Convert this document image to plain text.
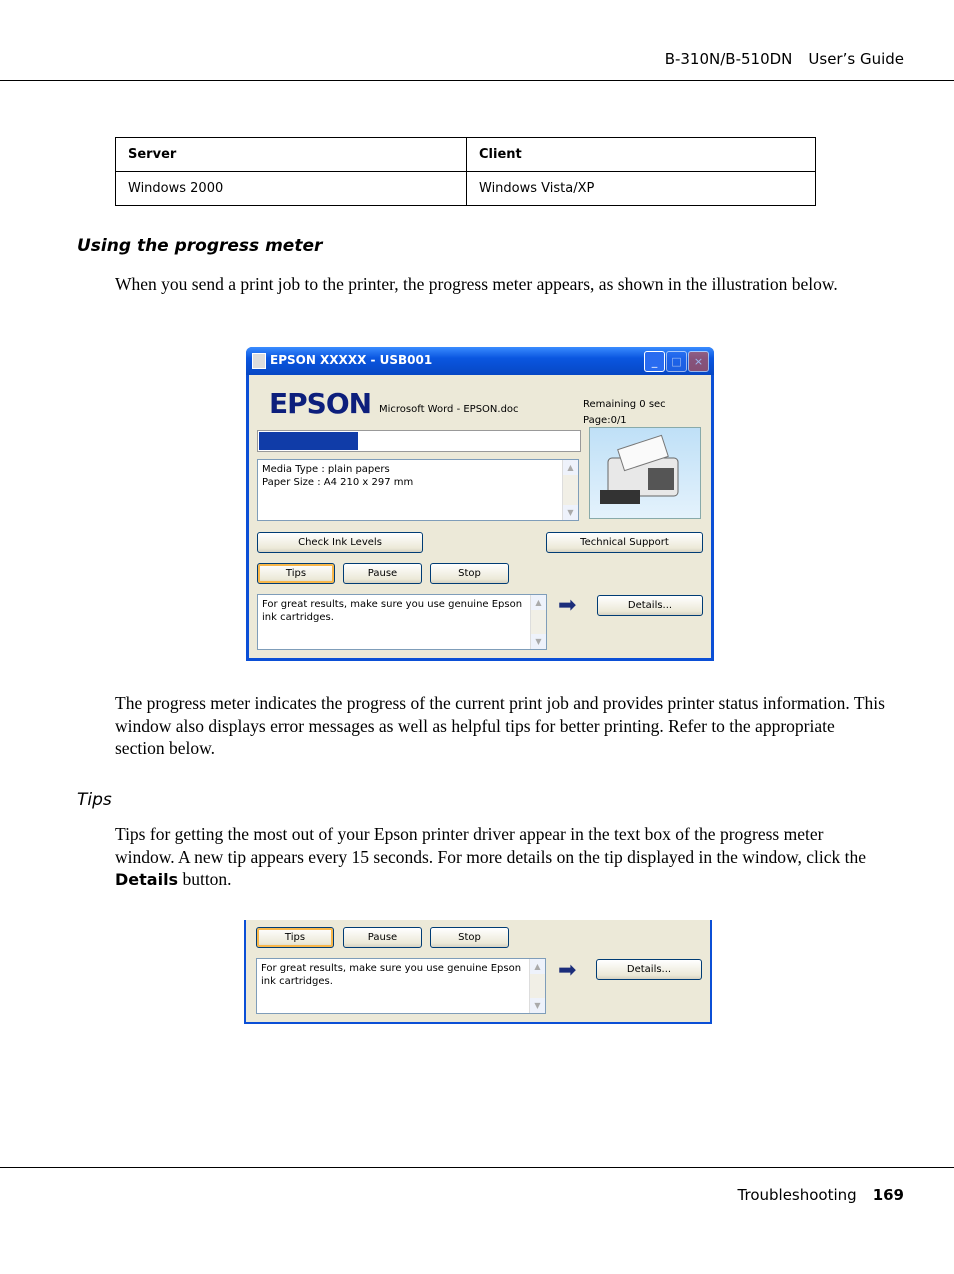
B-310N/B-510DN User’s Guide
Server	Client
Windows 2000	Windows Vista/XP
Using the progress meter
When you send a print job to the printer, the progress meter appears, as shown in the illustration below.
EPSON XXXXX - USB001	_	□	×
EPSON Microsoft Word - EPSON.doc	Remaining 0 sec
Page:0/1
Media Type : plain papers
Paper Size : A4 210 x 297 mm
▲
▼
Check Ink Levels	Technical Support
Tips	Pause	Stop
For great results, make sure you use genuine Epson ink cartridges.
▲
▼
➡	Details...
The progress meter indicates the progress of the current print job and provides printer status information. This window also displays error messages as well as helpful tips for better printing. Refer to the appropriate section below.
Tips
Tips for getting the most out of your Epson printer driver appear in the text box of the progress meter window. A new tip appears every 15 seconds. For more details on the tip displayed in the window, click the Details button.
Tips	Pause	Stop
For great results, make sure you use genuine Epson ink cartridges.
▲
▼
➡	Details...
Troubleshooting 169
